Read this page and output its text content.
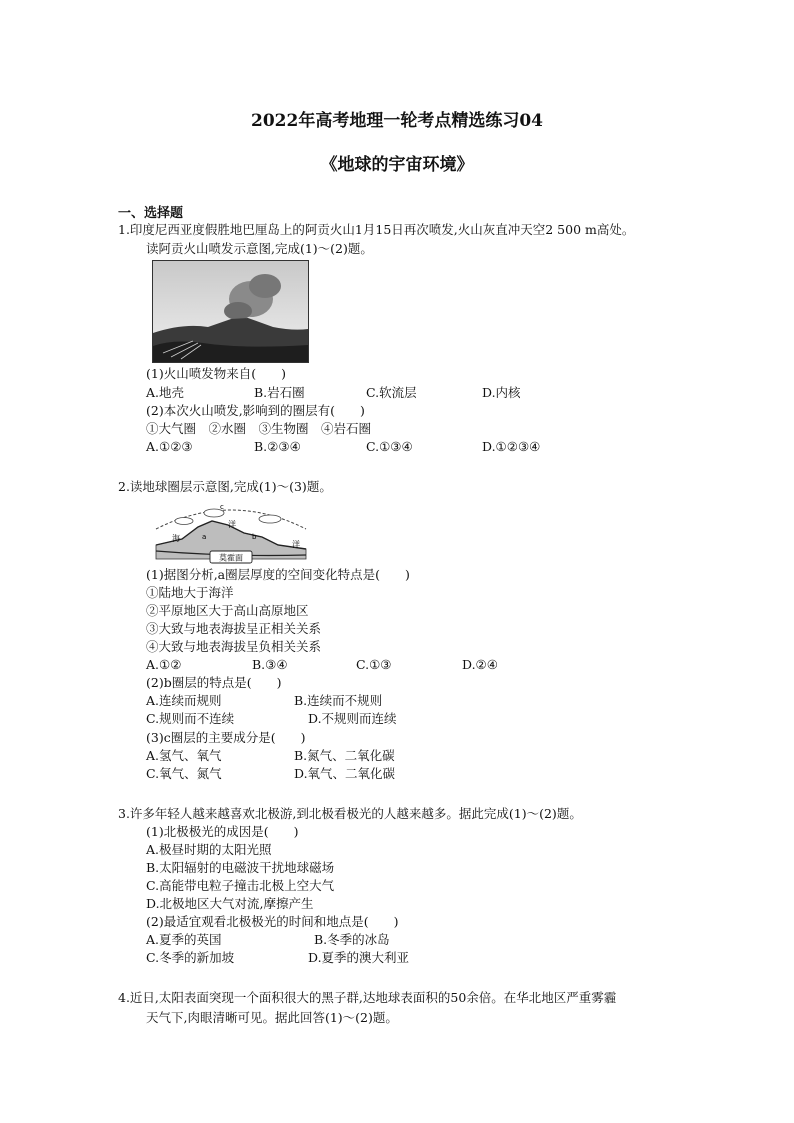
2022年高考地理一轮考点精选练习04
《地球的宇宙环境》
一、选择题
1.印度尼西亚度假胜地巴厘岛上的阿贡火山1月15日再次喷发,火山灰直冲天空2 500 m高处。
读阿贡火山喷发示意图,完成(1)～(2)题。
(1)火山喷发物来自(　　)
A.地壳	B.岩石圈	C.软流层	D.内核
(2)本次火山喷发,影响到的圈层有(　　)
①大气圈　②水圈　③生物圈　④岩石圈
A.①②③	B.②③④	C.①③④	D.①②③④
2.读地球圈层示意图,完成(1)～(3)题。
莫霍面
洋
海
洋
a	b
c
(1)据图分析,a圈层厚度的空间变化特点是(　　)
①陆地大于海洋
②平原地区大于高山高原地区
③大致与地表海拔呈正相关关系
④大致与地表海拔呈负相关关系
A.①②	B.③④	C.①③	D.②④
(2)b圈层的特点是(　　)
A.连续而规则	B.连续而不规则
C.规则而不连续	D.不规则而连续
(3)c圈层的主要成分是(　　)
A.氢气、氧气	B.氮气、二氧化碳
C.氧气、氮气	D.氧气、二氧化碳
3.许多年轻人越来越喜欢北极游,到北极看极光的人越来越多。据此完成(1)～(2)题。
(1)北极极光的成因是(　　)
A.极昼时期的太阳光照
B.太阳辐射的电磁波干扰地球磁场
C.高能带电粒子撞击北极上空大气
D.北极地区大气对流,摩擦产生
(2)最适宜观看北极极光的时间和地点是(　　)
A.夏季的英国	B.冬季的冰岛
C.冬季的新加坡	D.夏季的澳大利亚
4.近日,太阳表面突现一个面积很大的黑子群,达地球表面积的50余倍。在华北地区严重雾霾
天气下,肉眼清晰可见。据此回答(1)～(2)题。
